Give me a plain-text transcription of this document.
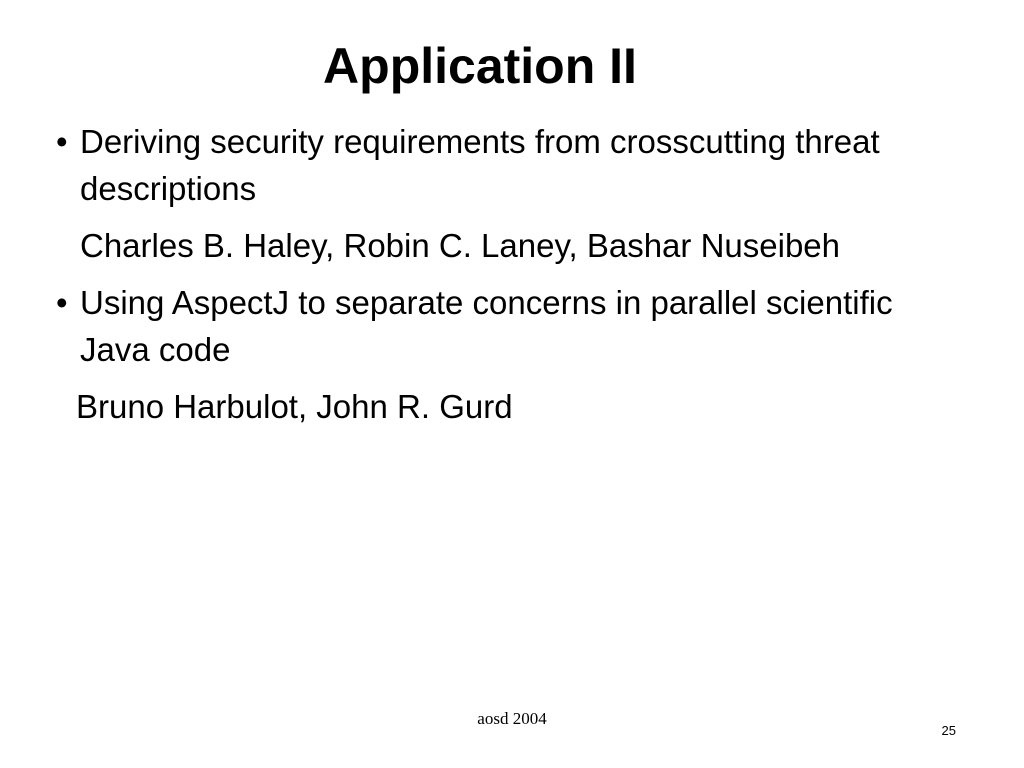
Application II
• Deriving security requirements from crosscutting threat descriptions
Charles B. Haley, Robin C. Laney, Bashar Nuseibeh
• Using AspectJ to separate concerns in parallel scientific Java code
Bruno Harbulot, John R. Gurd
aosd 2004
25
